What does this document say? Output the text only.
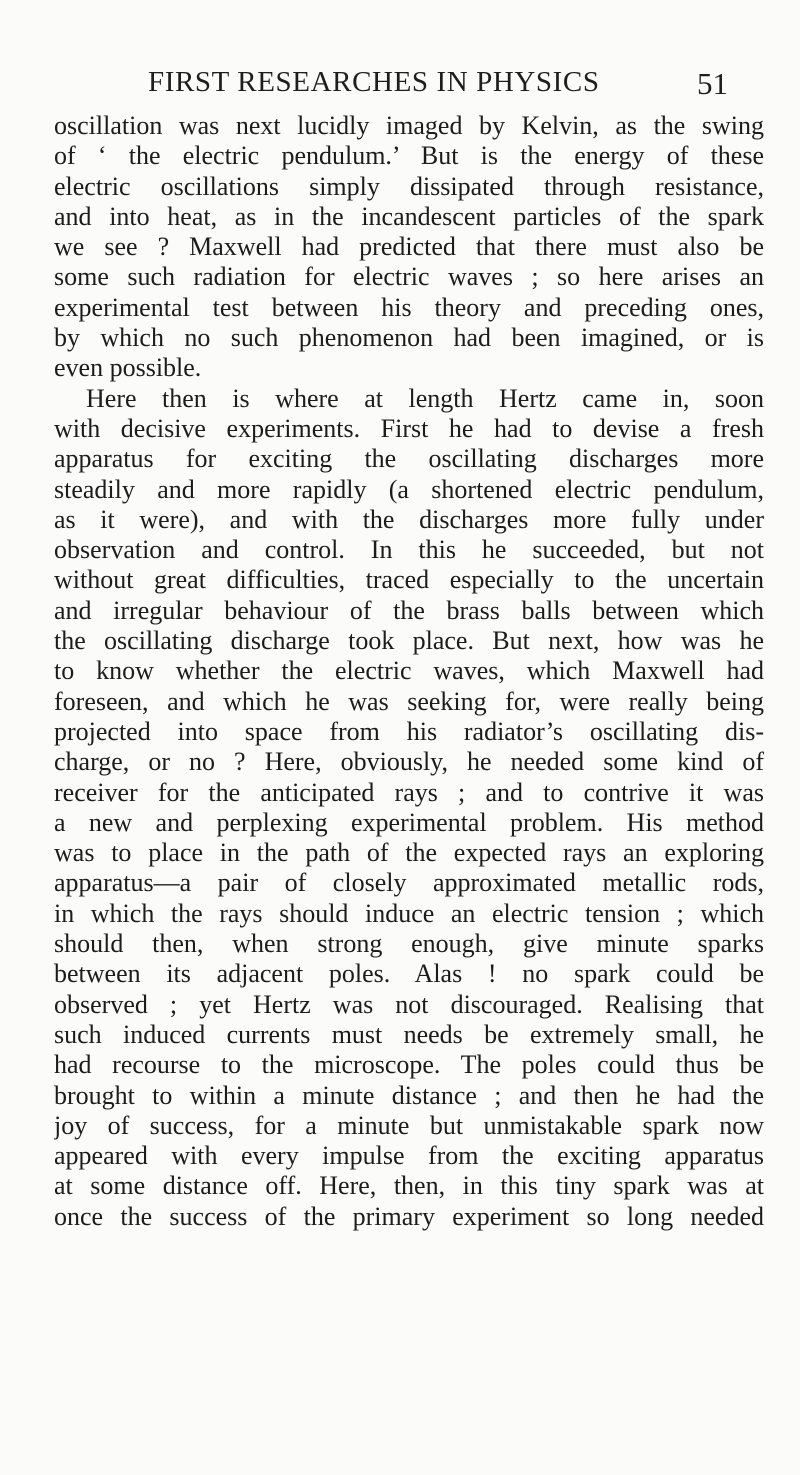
FIRST RESEARCHES IN PHYSICS	51
oscillation was next lucidly imaged by Kelvin, as the swing
of ‘ the electric pendulum.’ But is the energy of these
electric oscillations simply dissipated through resistance,
and into heat, as in the incandescent particles of the spark
we see ? Maxwell had predicted that there must also be
some such radiation for electric waves ; so here arises an
experimental test between his theory and preceding ones,
by which no such phenomenon had been imagined, or is
even possible.
Here then is where at length Hertz came in, soon
with decisive experiments. First he had to devise a fresh
apparatus for exciting the oscillating discharges more
steadily and more rapidly (a shortened electric pendulum,
as it were), and with the discharges more fully under
observation and control. In this he succeeded, but not
without great difficulties, traced especially to the uncertain
and irregular behaviour of the brass balls between which
the oscillating discharge took place. But next, how was he
to know whether the electric waves, which Maxwell had
foreseen, and which he was seeking for, were really being
projected into space from his radiator’s oscillating dis-
charge, or no ? Here, obviously, he needed some kind of
receiver for the anticipated rays ; and to contrive it was
a new and perplexing experimental problem. His method
was to place in the path of the expected rays an exploring
apparatus—a pair of closely approximated metallic rods,
in which the rays should induce an electric tension ; which
should then, when strong enough, give minute sparks
between its adjacent poles. Alas ! no spark could be
observed ; yet Hertz was not discouraged. Realising that
such induced currents must needs be extremely small, he
had recourse to the microscope. The poles could thus be
brought to within a minute distance ; and then he had the
joy of success, for a minute but unmistakable spark now
appeared with every impulse from the exciting apparatus
at some distance off. Here, then, in this tiny spark was at
once the success of the primary experiment so long needed
